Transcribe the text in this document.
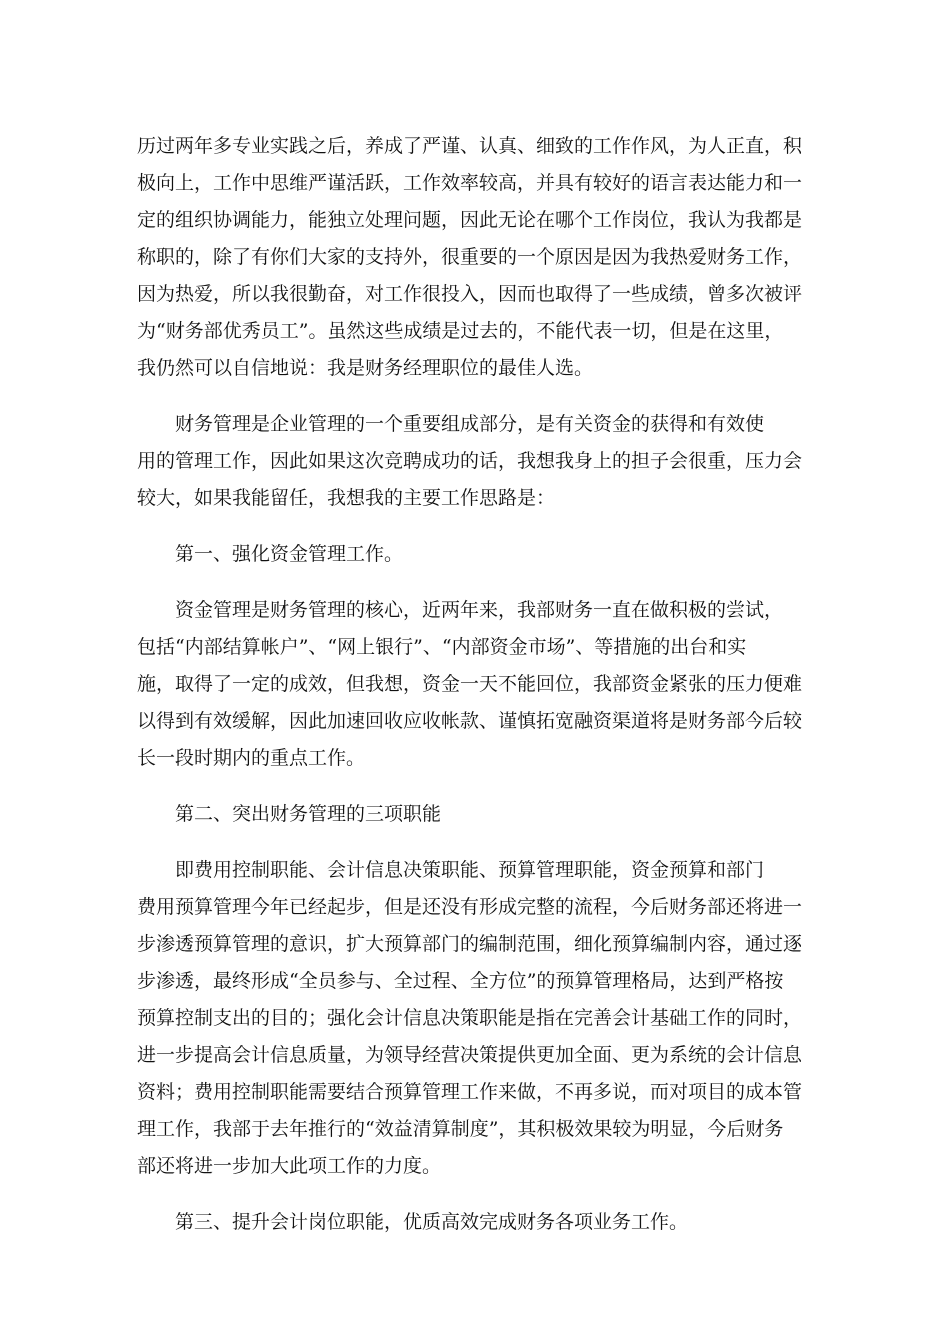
历过两年多专业实践之后，养成了严谨、认真、细致的工作作风，为人正直，积
极向上，工作中思维严谨活跃，工作效率较高，并具有较好的语言表达能力和一
定的组织协调能力，能独立处理问题，因此无论在哪个工作岗位，我认为我都是
称职的，除了有你们大家的支持外，很重要的一个原因是因为我热爱财务工作，
因为热爱，所以我很勤奋，对工作很投入，因而也取得了一些成绩，曾多次被评
为“财务部优秀员工”。虽然这些成绩是过去的，不能代表一切，但是在这里，
我仍然可以自信地说：我是财务经理职位的最佳人选。
　　财务管理是企业管理的一个重要组成部分，是有关资金的获得和有效使
用的管理工作，因此如果这次竞聘成功的话，我想我身上的担子会很重，压力会
较大，如果我能留任，我想我的主要工作思路是：
　　第一、强化资金管理工作。
　　资金管理是财务管理的核心，近两年来，我部财务一直在做积极的尝试，
包括“内部结算帐户”、“网上银行”、“内部资金市场”、等措施的出台和实
施，取得了一定的成效，但我想，资金一天不能回位，我部资金紧张的压力便难
以得到有效缓解，因此加速回收应收帐款、谨慎拓宽融资渠道将是财务部今后较
长一段时期内的重点工作。
　　第二、突出财务管理的三项职能
　　即费用控制职能、会计信息决策职能、预算管理职能，资金预算和部门
费用预算管理今年已经起步，但是还没有形成完整的流程，今后财务部还将进一
步渗透预算管理的意识，扩大预算部门的编制范围，细化预算编制内容，通过逐
步渗透，最终形成“全员参与、全过程、全方位”的预算管理格局，达到严格按
预算控制支出的目的；强化会计信息决策职能是指在完善会计基础工作的同时，
进一步提高会计信息质量，为领导经营决策提供更加全面、更为系统的会计信息
资料；费用控制职能需要结合预算管理工作来做，不再多说，而对项目的成本管
理工作，我部于去年推行的“效益清算制度”，其积极效果较为明显，今后财务
部还将进一步加大此项工作的力度。
　　第三、提升会计岗位职能，优质高效完成财务各项业务工作。
